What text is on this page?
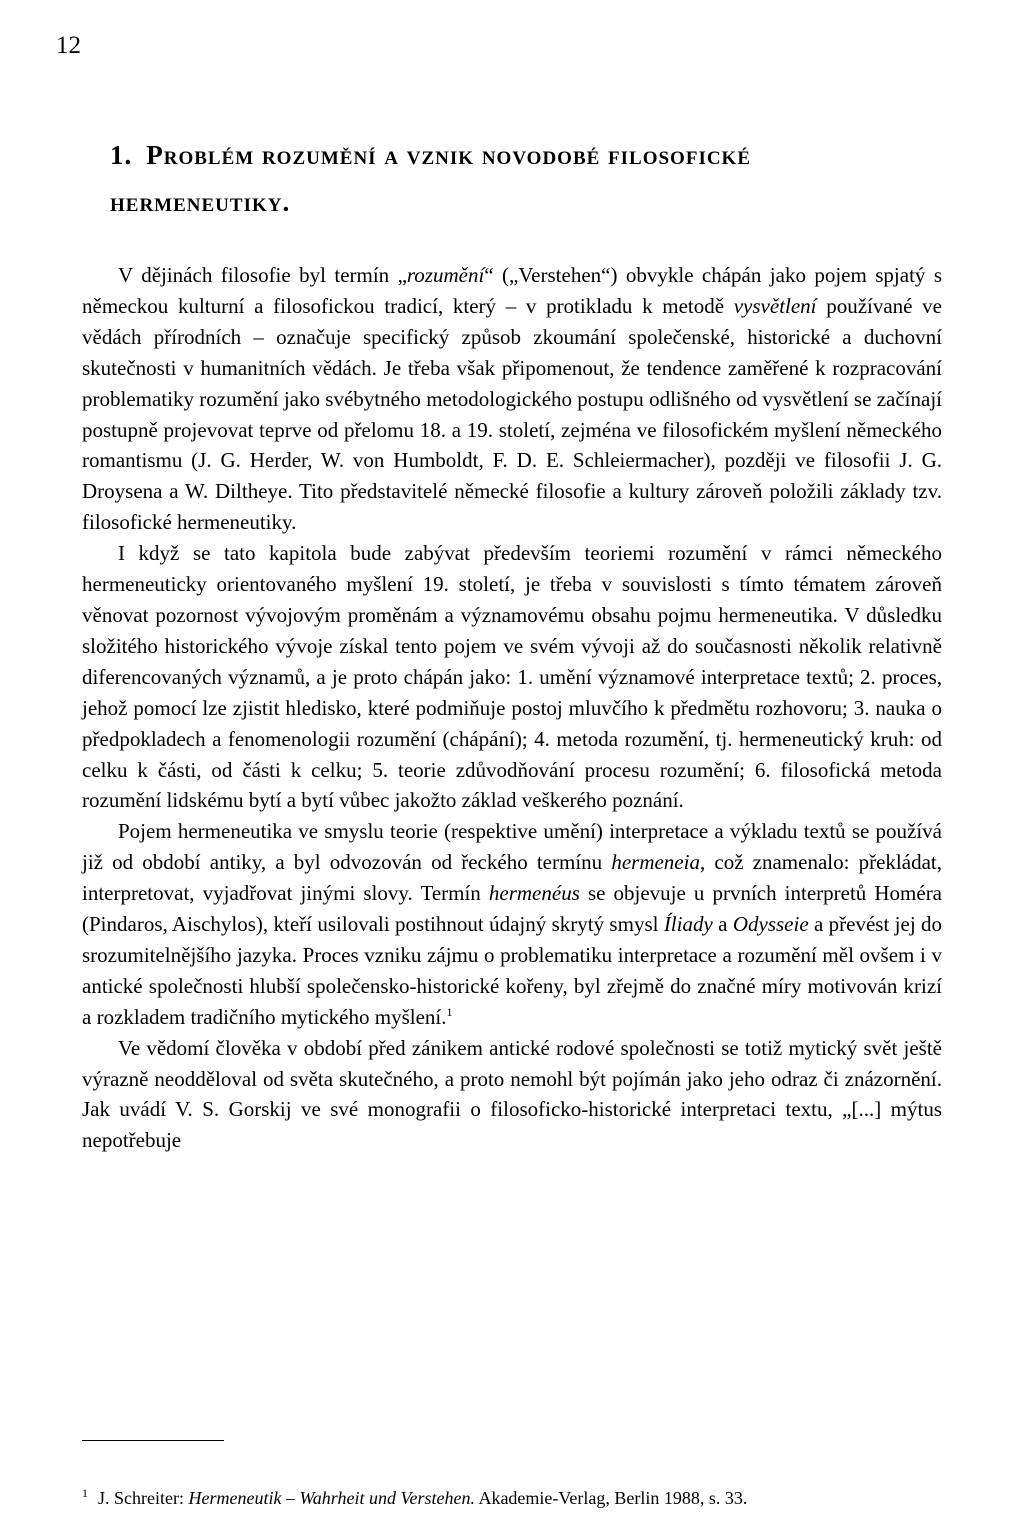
12
1. Problém rozumění a vznik novodobé filosofické hermeneutiky.

V dějinách filosofie byl termín „rozumění“ („Verstehen“) obvykle chápán jako pojem spjatý s německou kulturní a filosofickou tradicí, který – v protikladu k metodě vysvětlení používané ve vědách přírodních – označuje specifický způsob zkoumání společenské, historické a duchovní skutečnosti v humanitních vědách. Je třeba však připomenout, že tendence zaměřené k rozpracování problematiky rozumění jako svébytného metodologického postupu odlišného od vysvětlení se začínají postupně projevovat teprve od přelomu 18. a 19. století, zejména ve filosofickém myšlení německého romantismu (J. G. Herder, W. von Humboldt, F. D. E. Schleiermacher), později ve filosofii J. G. Droysena a W. Diltheye. Tito představitelé německé filosofie a kultury zároveň položili základy tzv. filosofické hermeneutiky.

I když se tato kapitola bude zabývat především teoriemi rozumění v rámci německého hermeneuticky orientovaného myšlení 19. století, je třeba v souvislosti s tímto tématem zároveň věnovat pozornost vývojovým proměnám a významovému obsahu pojmu hermeneutika. V důsledku složitého historického vývoje získal tento pojem ve svém vývoji až do současnosti několik relativně diferencovaných významů, a je proto chápán jako: 1. umění významové interpretace textů; 2. proces, jehož pomocí lze zjistit hledisko, které podmiňuje postoj mluvčího k předmětu rozhovoru; 3. nauka o předpokladech a fenomenologii rozumění (chápání); 4. metoda rozumění, tj. hermeneutický kruh: od celku k části, od části k celku; 5. teorie zdůvodňování procesu rozumění; 6. filosofická metoda rozumění lidskému bytí a bytí vůbec jakožto základ veškerého poznání.

Pojem hermeneutika ve smyslu teorie (respektive umění) interpretace a výkladu textů se používá již od období antiky, a byl odvozován od řeckého termínu hermeneia, což znamenalo: překládat, interpretovat, vyjadřovat jinými slovy. Termín hermenéus se objevuje u prvních interpretů Homéra (Pindaros, Aischylos), kteří usilovali postihnout údajný skrytý smysl Íliady a Odysseie a převést jej do srozumitelnějšího jazyka. Proces vzniku zájmu o problematiku interpretace a rozumění měl ovšem i v antické společnosti hlubší společensko-historické kořeny, byl zřejmě do značné míry motivován krizí a rozkladem tradičního mytického myšlení.$^1$

Ve vědomí člověka v období před zánikem antické rodové společnosti se totiž mytický svět ještě výrazně neodděloval od světa skutečného, a proto nemohl být pojímán jako jeho odraz či znázornění. Jak uvádí V. S. Gorskij ve své monografii o filosoficko-historické interpretaci textu, „[...] mýtus nepotřebuje

$^1$ J. Schreiter: Hermeneutik – Wahrheit und Verstehen. Akademie-Verlag, Berlin 1988, s. 33.
